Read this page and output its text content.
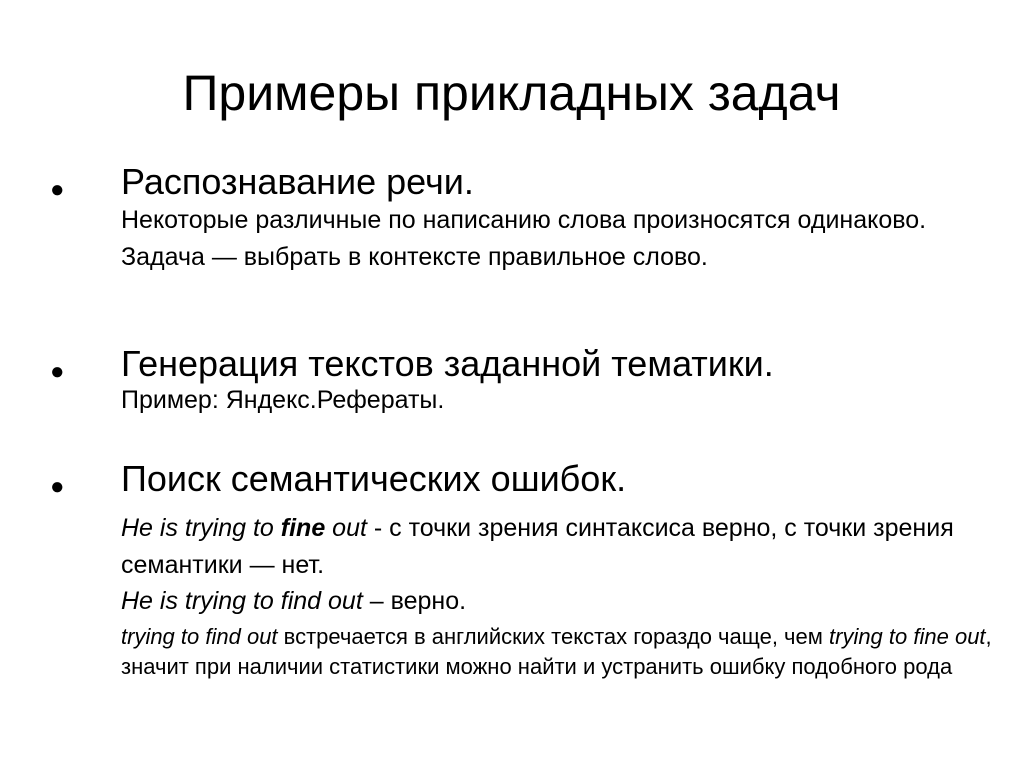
Примеры прикладных задач
● Распознавание речи.
Некоторые различные по написанию слова произносятся одинаково. Задача — выбрать в контексте правильное слово.
● Генерация текстов заданной тематики.
Пример: Яндекс.Рефераты.
● Поиск семантических ошибок.
He is trying to fine out - с точки зрения синтаксиса верно, с точки зрения семантики — нет.
He is trying to find out – верно.
trying to find out встречается в английских текстах гораздо чаще, чем trying to fine out, значит при наличии статистики можно найти и устранить ошибку подобного рода
